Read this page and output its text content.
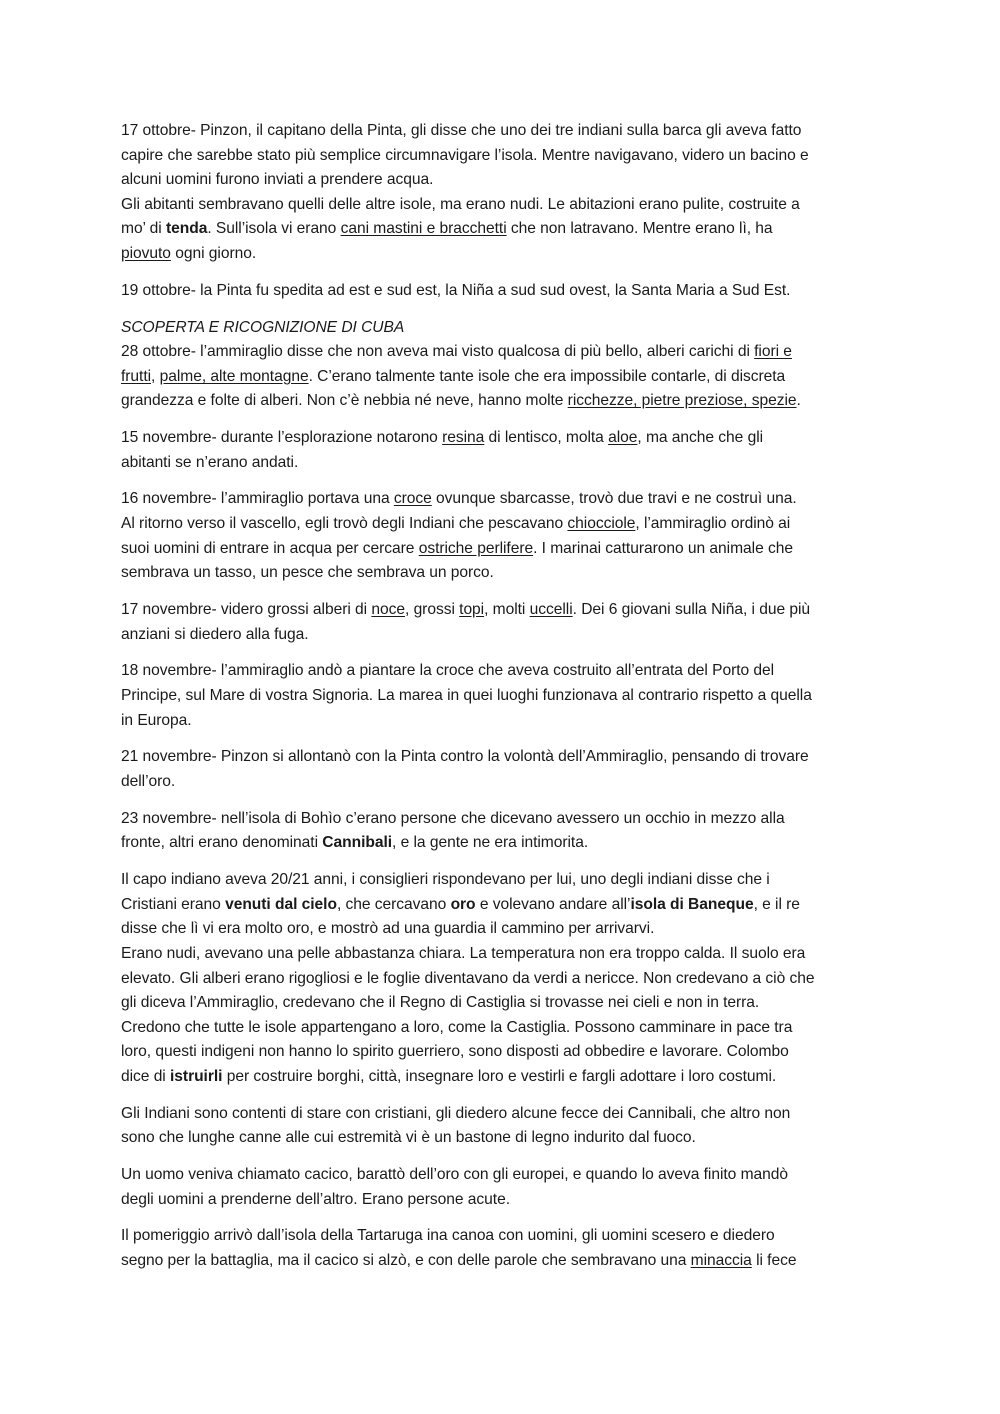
17 ottobre- Pinzon, il capitano della Pinta, gli disse che uno dei tre indiani sulla barca gli aveva fatto
capire che sarebbe stato più semplice circumnavigare l’isola. Mentre navigavano, videro un bacino e
alcuni uomini furono inviati a prendere acqua.
Gli abitanti sembravano quelli delle altre isole, ma erano nudi. Le abitazioni erano pulite, costruite a
mo’ di tenda. Sull’isola vi erano cani mastini e bracchetti che non latravano. Mentre erano lì, ha
piovuto ogni giorno.
19 ottobre- la Pinta fu spedita ad est e sud est, la Niña a sud sud ovest, la Santa Maria a Sud Est.
SCOPERTA E RICOGNIZIONE DI CUBA
28 ottobre- l’ammiraglio disse che non aveva mai visto qualcosa di più bello, alberi carichi di fiori e
frutti, palme, alte montagne. C’erano talmente tante isole che era impossibile contarle, di discreta
grandezza e folte di alberi. Non c’è nebbia né neve, hanno molte ricchezze, pietre preziose, spezie.
15 novembre- durante l’esplorazione notarono resina di lentisco, molta aloe, ma anche che gli
abitanti se n’erano andati.
16 novembre- l’ammiraglio portava una croce ovunque sbarcasse, trovò due travi e ne costruì una.
Al ritorno verso il vascello, egli trovò degli Indiani che pescavano chiocciole, l’ammiraglio ordinò ai
suoi uomini di entrare in acqua per cercare ostriche perlifere. I marinai catturarono un animale che
sembrava un tasso, un pesce che sembrava un porco.
17 novembre- videro grossi alberi di noce, grossi topi, molti uccelli. Dei 6 giovani sulla Niña, i due più
anziani si diedero alla fuga.
18 novembre- l’ammiraglio andò a piantare la croce che aveva costruito all’entrata del Porto del
Principe, sul Mare di vostra Signoria. La marea in quei luoghi funzionava al contrario rispetto a quella
in Europa.
21 novembre- Pinzon si allontanò con la Pinta contro la volontà dell’Ammiraglio, pensando di trovare
dell’oro.
23 novembre- nell’isola di Bohìo c’erano persone che dicevano avessero un occhio in mezzo alla
fronte, altri erano denominati Cannibali, e la gente ne era intimorita.
Il capo indiano aveva 20/21 anni, i consiglieri rispondevano per lui, uno degli indiani disse che i
Cristiani erano venuti dal cielo, che cercavano oro e volevano andare all’isola di Baneque, e il re
disse che lì vi era molto oro, e mostrò ad una guardia il cammino per arrivarvi.
Erano nudi, avevano una pelle abbastanza chiara. La temperatura non era troppo calda. Il suolo era
elevato. Gli alberi erano rigogliosi e le foglie diventavano da verdi a nericce. Non credevano a ciò che
gli diceva l’Ammiraglio, credevano che il Regno di Castiglia si trovasse nei cieli e non in terra.
Credono che tutte le isole appartengano a loro, come la Castiglia. Possono camminare in pace tra
loro, questi indigeni non hanno lo spirito guerriero, sono disposti ad obbedire e lavorare. Colombo
dice di istruirli per costruire borghi, città, insegnare loro e vestirli e fargli adottare i loro costumi.
Gli Indiani sono contenti di stare con cristiani, gli diedero alcune fecce dei Cannibali, che altro non
sono che lunghe canne alle cui estremità vi è un bastone di legno indurito dal fuoco.
Un uomo veniva chiamato cacico, barattò dell’oro con gli europei, e quando lo aveva finito mandò
degli uomini a prenderne dell’altro. Erano persone acute.
Il pomeriggio arrivò dall’isola della Tartaruga ina canoa con uomini, gli uomini scesero e diedero
segno per la battaglia, ma il cacico si alzò, e con delle parole che sembravano una minaccia li fece
